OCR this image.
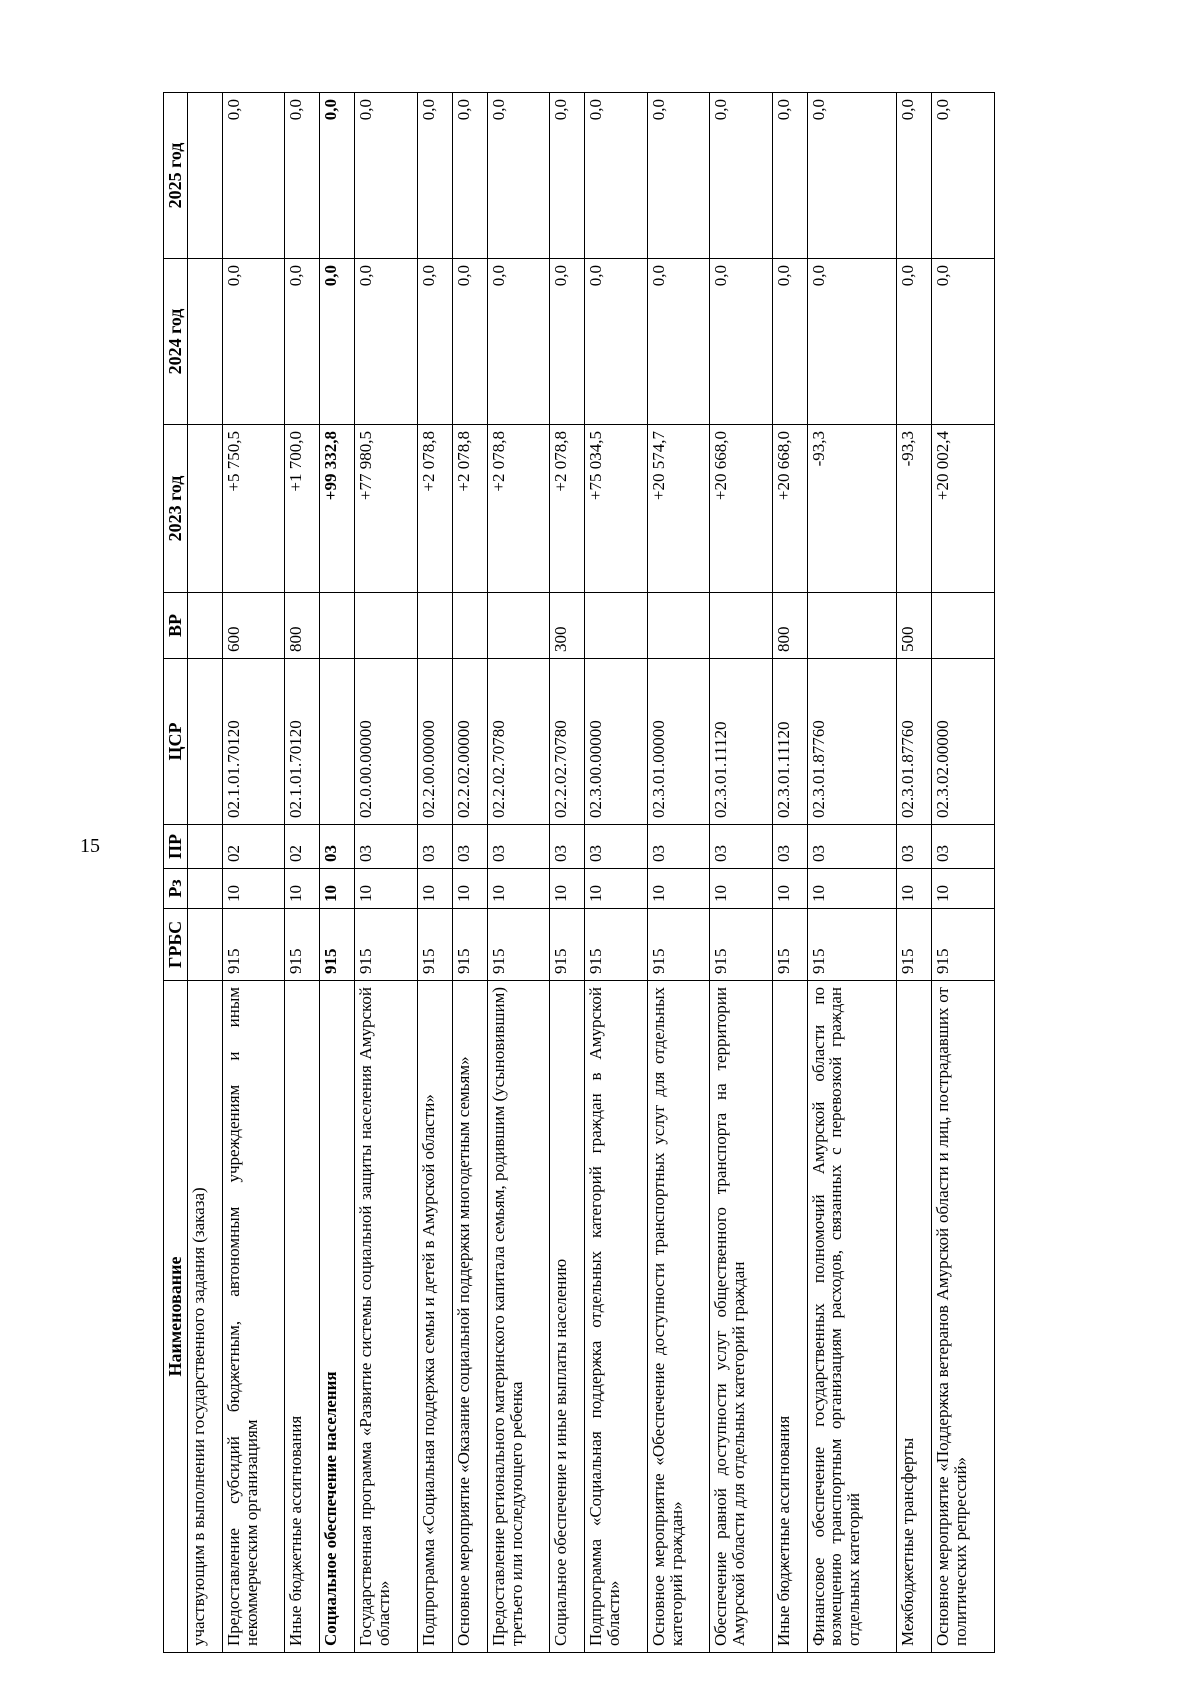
15
Наименование	ГРБС	Рз	ПР	ЦСР	ВР	2023 год	2024 год	2025 год
участвующим в выполнении государственного задания (заказа)								
Предоставление субсидий бюджетным, автономным учреждениям и иным некоммерческим организациям	915	10	02	02.1.01.70120	600	+5 750,5	0,0	0,0
Иные бюджетные ассигнования	915	10	02	02.1.01.70120	800	+1 700,0	0,0	0,0
Социальное обеспечение населения	915	10	03			+99 332,8	0,0	0,0
Государственная программа «Развитие системы социальной защиты населения Амурской области»	915	10	03	02.0.00.00000		+77 980,5	0,0	0,0
Подпрограмма «Социальная поддержка семьи и детей в Амурской области»	915	10	03	02.2.00.00000		+2 078,8	0,0	0,0
Основное мероприятие «Оказание социальной поддержки многодетным семьям»	915	10	03	02.2.02.00000		+2 078,8	0,0	0,0
Предоставление регионального материнского капитала семьям, родившим (усыновившим) третьего или последующего ребенка	915	10	03	02.2.02.70780		+2 078,8	0,0	0,0
Социальное обеспечение и иные выплаты населению	915	10	03	02.2.02.70780	300	+2 078,8	0,0	0,0
Подпрограмма «Социальная поддержка отдельных категорий граждан в Амурской области»	915	10	03	02.3.00.00000		+75 034,5	0,0	0,0
Основное мероприятие «Обеспечение доступности транспортных услуг для отдельных категорий граждан»	915	10	03	02.3.01.00000		+20 574,7	0,0	0,0
Обеспечение равной доступности услуг общественного транспорта на территории Амурской области для отдельных категорий граждан	915	10	03	02.3.01.11120		+20 668,0	0,0	0,0
Иные бюджетные ассигнования	915	10	03	02.3.01.11120	800	+20 668,0	0,0	0,0
Финансовое обеспечение государственных полномочий Амурской области по возмещению транспортным организациям расходов, связанных с перевозкой граждан отдельных категорий	915	10	03	02.3.01.87760		-93,3	0,0	0,0
Межбюджетные трансферты	915	10	03	02.3.01.87760	500	-93,3	0,0	0,0
Основное мероприятие «Поддержка ветеранов Амурской области и лиц, пострадавших от политических репрессий»	915	10	03	02.3.02.00000		+20 002,4	0,0	0,0
